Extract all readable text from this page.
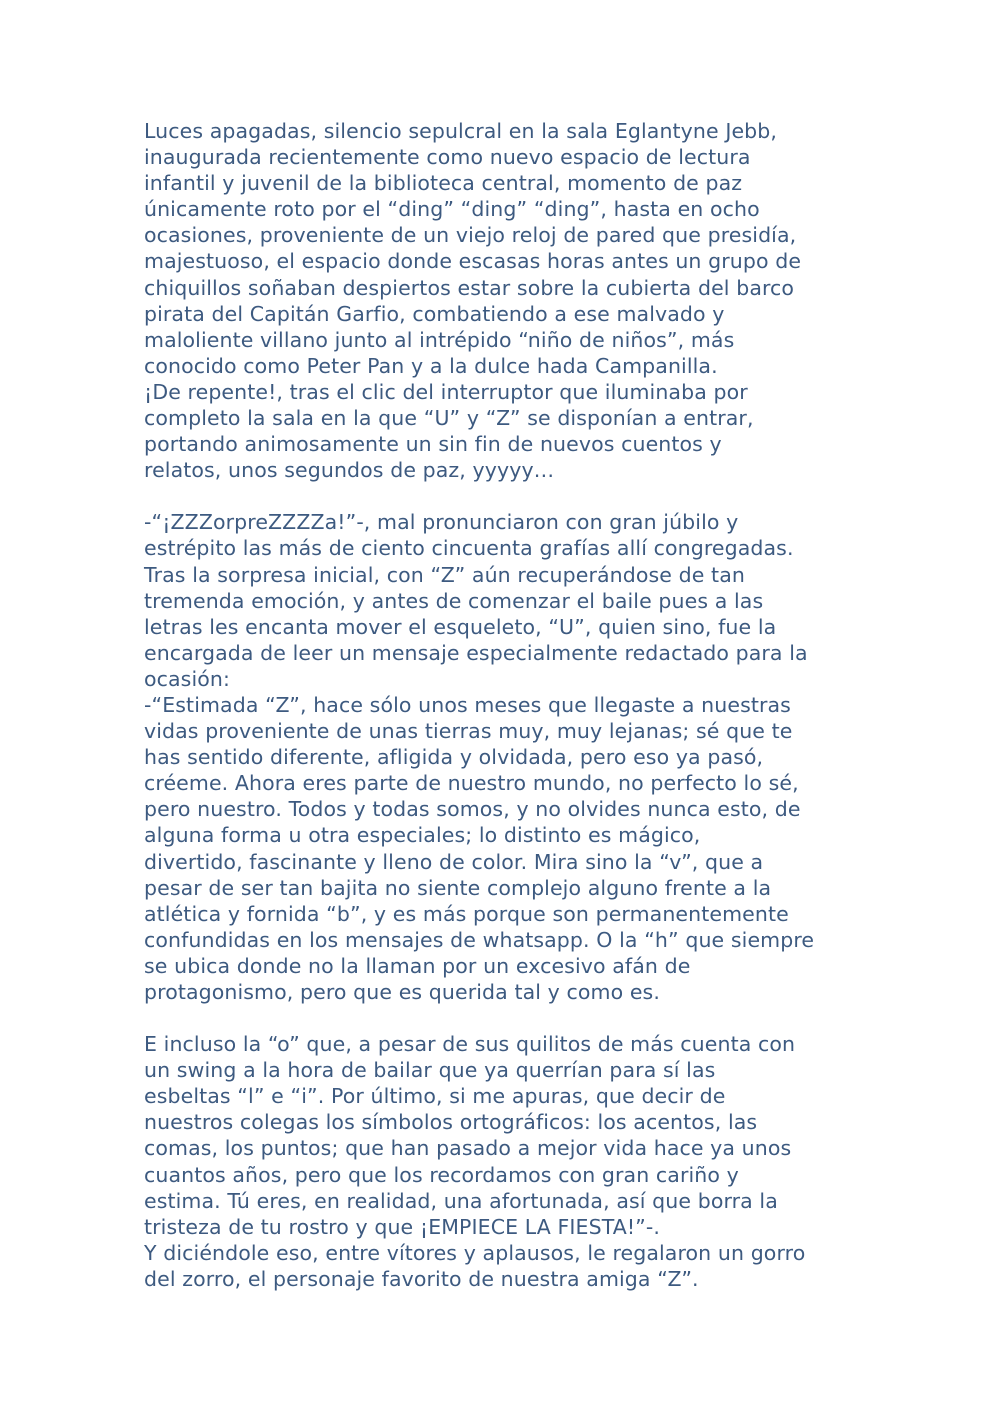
Luces apagadas, silencio sepulcral en la sala Eglantyne Jebb,
inaugurada recientemente como nuevo espacio de lectura
infantil y juvenil de la biblioteca central, momento de paz
únicamente roto por el “ding” “ding” “ding”, hasta en ocho
ocasiones, proveniente de un viejo reloj de pared que presidía,
majestuoso, el espacio donde escasas horas antes un grupo de
chiquillos soñaban despiertos estar sobre la cubierta del barco
pirata del Capitán Garfio, combatiendo a ese malvado y
maloliente villano junto al intrépido “niño de niños”, más
conocido como Peter Pan y a la dulce hada Campanilla.
¡De repente!, tras el clic del interruptor que iluminaba por
completo la sala en la que “U” y “Z” se disponían a entrar,
portando animosamente un sin fin de nuevos cuentos y
relatos, unos segundos de paz, yyyyy…
-“¡ZZZorpreZZZZa!”-, mal pronunciaron con gran júbilo y
estrépito las más de ciento cincuenta grafías allí congregadas.
Tras la sorpresa inicial, con “Z” aún recuperándose de tan
tremenda emoción, y antes de comenzar el baile pues a las
letras les encanta mover el esqueleto, “U”, quien sino, fue la
encargada de leer un mensaje especialmente redactado para la
ocasión:
-“Estimada “Z”, hace sólo unos meses que llegaste a nuestras
vidas proveniente de unas tierras muy, muy lejanas; sé que te
has sentido diferente, afligida y olvidada, pero eso ya pasó,
créeme. Ahora eres parte de nuestro mundo, no perfecto lo sé,
pero nuestro. Todos y todas somos, y no olvides nunca esto, de
alguna forma u otra especiales; lo distinto es mágico,
divertido, fascinante y lleno de color. Mira sino la “v”, que a
pesar de ser tan bajita no siente complejo alguno frente a la
atlética y fornida “b”, y es más porque son permanentemente
confundidas en los mensajes de whatsapp. O la “h” que siempre
se ubica donde no la llaman por un excesivo afán de
protagonismo, pero que es querida tal y como es.
E incluso la “o” que, a pesar de sus quilitos de más cuenta con
un swing a la hora de bailar que ya querrían para sí las
esbeltas “l” e “i”. Por último, si me apuras, que decir de
nuestros colegas los símbolos ortográficos: los acentos, las
comas, los puntos; que han pasado a mejor vida hace ya unos
cuantos años, pero que los recordamos con gran cariño y
estima. Tú eres, en realidad, una afortunada, así que borra la
tristeza de tu rostro y que ¡EMPIECE LA FIESTA!”-.
Y diciéndole eso, entre vítores y aplausos, le regalaron un gorro
del zorro, el personaje favorito de nuestra amiga “Z”.
